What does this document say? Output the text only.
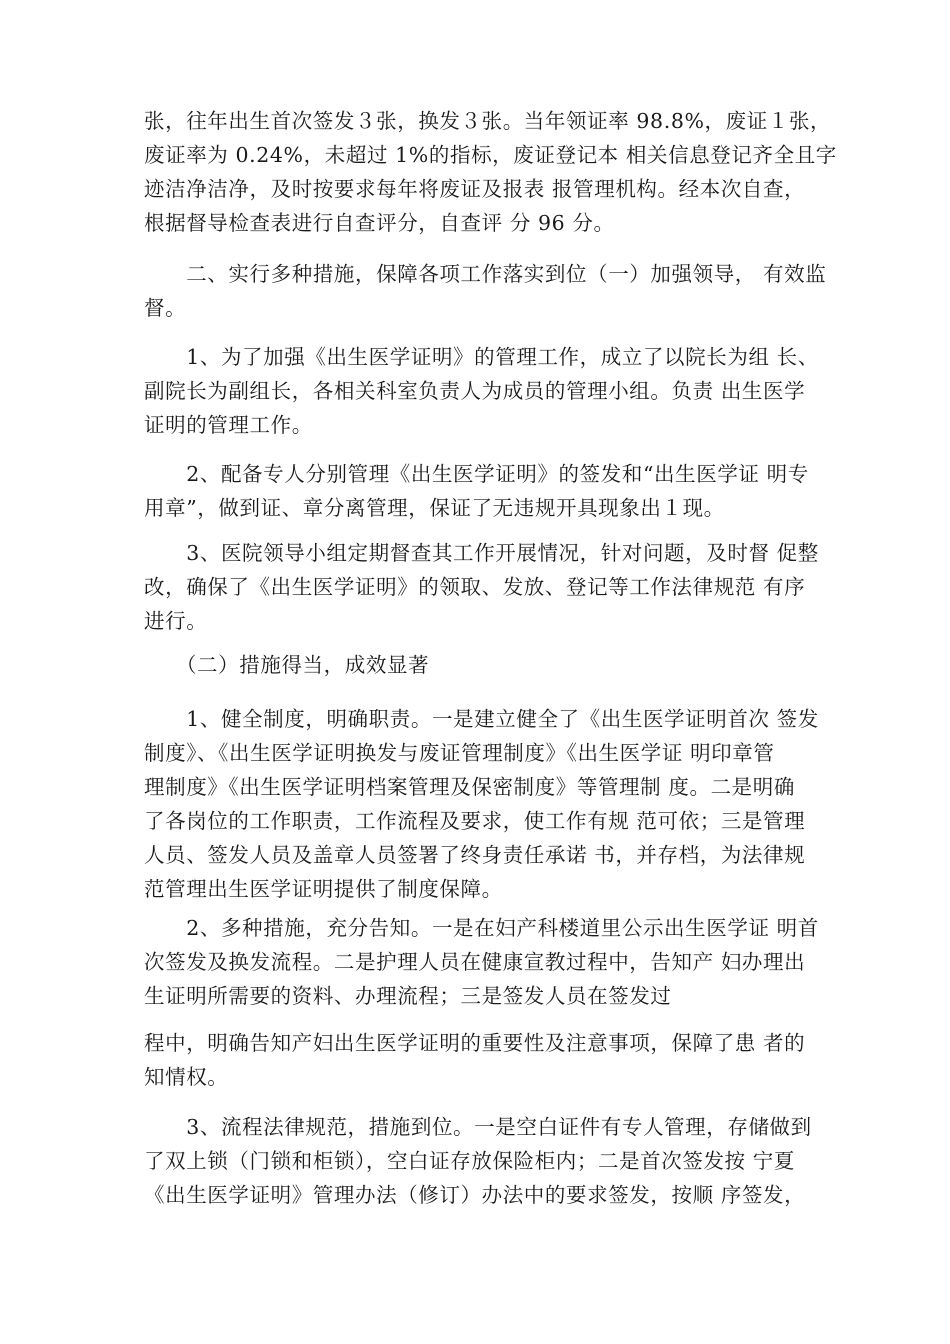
张，往年出生首次签发３张，换发３张。当年领证率 98.8%，废证１张，
废证率为 0.24%，未超过 1%的指标，废证登记本 相关信息登记齐全且字
迹洁净洁净，及时按要求每年将废证及报表 报管理机构。经本次自查，
根据督导检查表进行自查评分，自查评 分 96 分。
　　二、实行多种措施，保障各项工作落实到位（一）加强领导， 有效监
督。
　　1、为了加强《出生医学证明》的管理工作，成立了以院长为组 长、
副院长为副组长，各相关科室负责人为成员的管理小组。负责 出生医学
证明的管理工作。
　　2、配备专人分别管理《出生医学证明》的签发和“出生医学证 明专
用章”，做到证、章分离管理，保证了无违规开具现象出１现。
　　3、医院领导小组定期督查其工作开展情况，针对问题，及时督 促整
改，确保了《出生医学证明》的领取、发放、登记等工作法律规范 有序
进行。
　　（二）措施得当，成效显著
　　1、健全制度，明确职责。一是建立健全了《出生医学证明首次 签发
制度》、《出生医学证明换发与废证管理制度》《出生医学证 明印章管
理制度》《出生医学证明档案管理及保密制度》等管理制 度。二是明确
了各岗位的工作职责，工作流程及要求，使工作有规 范可依；三是管理
人员、签发人员及盖章人员签署了终身责任承诺 书，并存档，为法律规
范管理出生医学证明提供了制度保障。
　　2、多种措施，充分告知。一是在妇产科楼道里公示出生医学证 明首
次签发及换发流程。二是护理人员在健康宣教过程中，告知产 妇办理出
生证明所需要的资料、办理流程；三是签发人员在签发过
程中，明确告知产妇出生医学证明的重要性及注意事项，保障了患 者的
知情权。
　　3、流程法律规范，措施到位。一是空白证件有专人管理，存储做到
了双上锁（门锁和柜锁），空白证存放保险柜内；二是首次签发按 宁夏
《出生医学证明》管理办法（修订）办法中的要求签发，按顺 序签发，
